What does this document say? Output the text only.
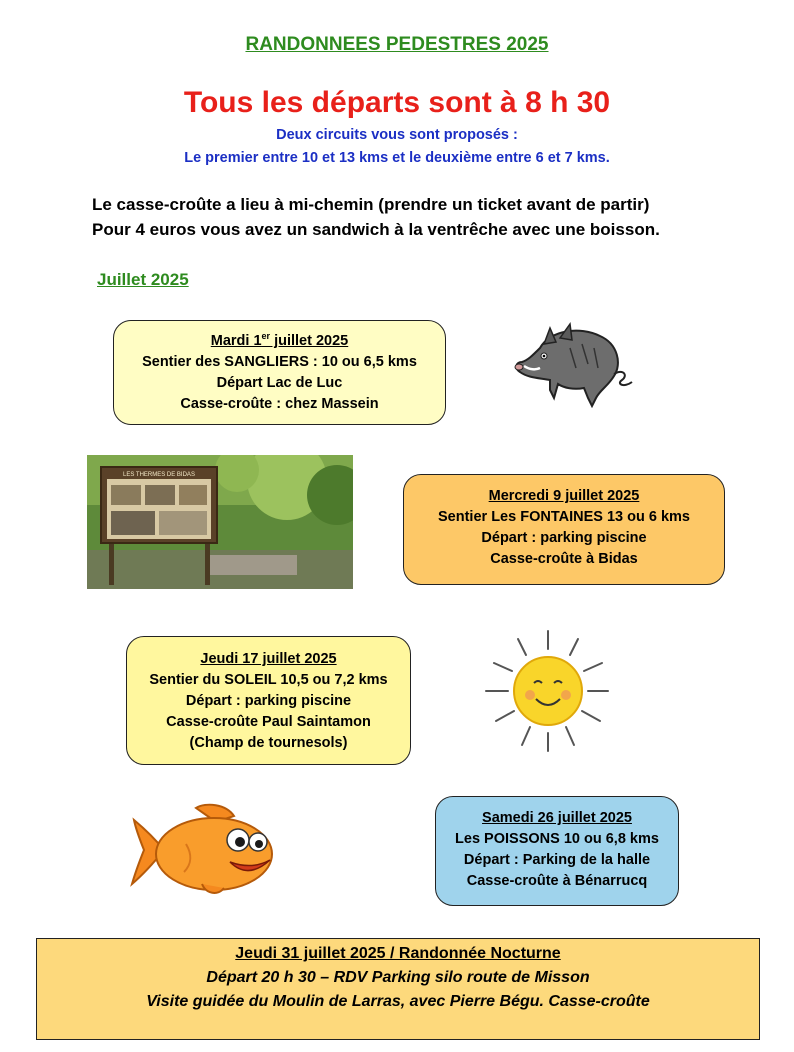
RANDONNEES PEDESTRES 2025
Tous les départs sont à 8 h 30
Deux circuits vous sont proposés :
Le premier entre 10 et 13 kms et le deuxième entre 6 et 7 kms.
Le casse-croûte a lieu à mi-chemin (prendre un ticket avant de partir)
Pour 4 euros vous avez un sandwich à la ventrêche avec une boisson.
Juillet 2025
Mardi 1er juillet 2025
Sentier des SANGLIERS : 10 ou 6,5 kms
Départ Lac de Luc
Casse-croûte : chez Massein
LES THERMES DE BIDAS
Mercredi 9 juillet 2025
Sentier Les FONTAINES 13 ou 6 kms
Départ : parking piscine
Casse-croûte à Bidas
Jeudi 17 juillet 2025
Sentier du SOLEIL 10,5 ou 7,2 kms
Départ : parking piscine
Casse-croûte Paul Saintamon
(Champ de tournesols)
Samedi 26 juillet 2025
Les POISSONS 10 ou 6,8 kms
Départ : Parking de la halle
Casse-croûte à Bénarrucq
Jeudi 31 juillet 2025 / Randonnée Nocturne
Départ 20 h 30 – RDV Parking silo route de Misson
Visite guidée du Moulin de Larras, avec Pierre Bégu. Casse-croûte
